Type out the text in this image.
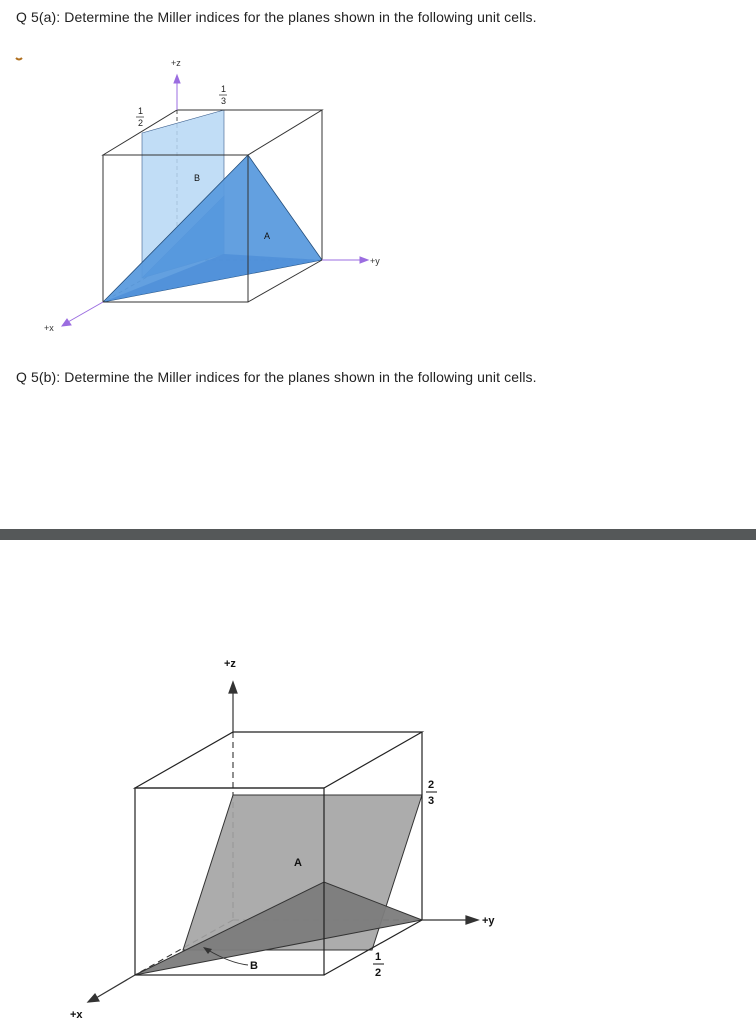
Q 5(a): Determine the Miller indices for the planes shown in the following unit cells.
+z
+y
+x
1
2
1
3
B
A
Q 5(b): Determine the Miller indices for the planes shown in the following unit cells.
+z
+y
+x
2
3
1
2
A
B
